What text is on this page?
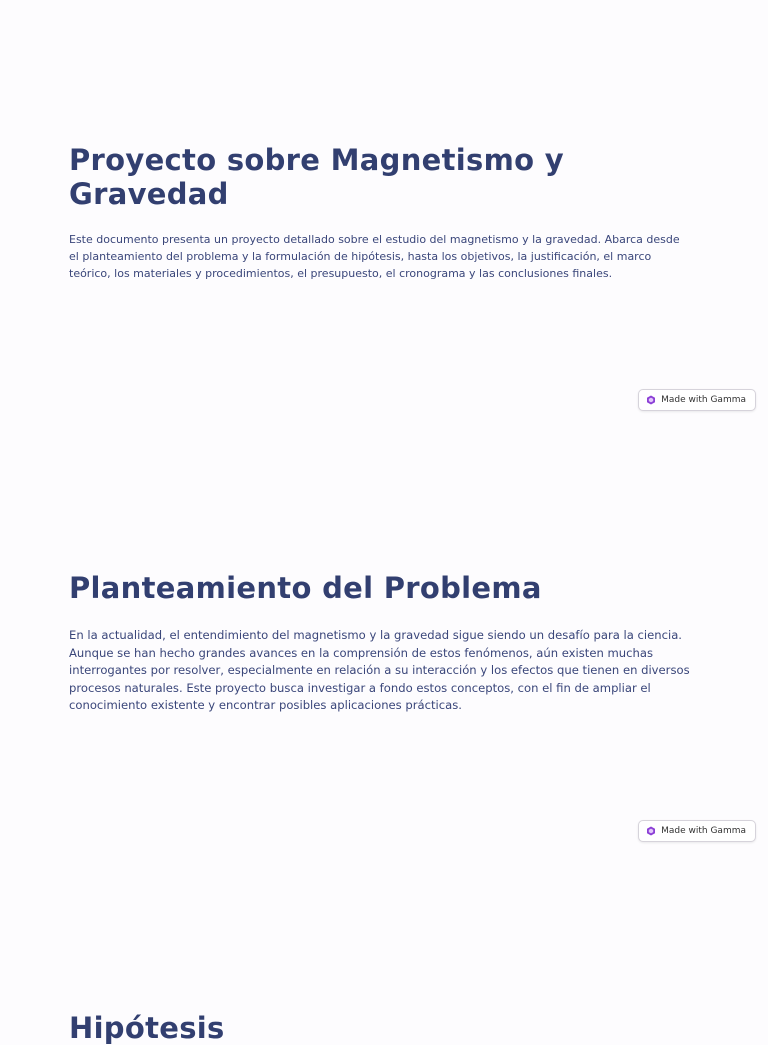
Proyecto sobre Magnetismo y Gravedad

Este documento presenta un proyecto detallado sobre el estudio del magnetismo y la gravedad. Abarca desde el planteamiento del problema y la formulación de hipótesis, hasta los objetivos, la justificación, el marco teórico, los materiales y procedimientos, el presupuesto, el cronograma y las conclusiones finales.

Made with Gamma
Planteamiento del Problema

En la actualidad, el entendimiento del magnetismo y la gravedad sigue siendo un desafío para la ciencia. Aunque se han hecho grandes avances en la comprensión de estos fenómenos, aún existen muchas interrogantes por resolver, especialmente en relación a su interacción y los efectos que tienen en diversos procesos naturales. Este proyecto busca investigar a fondo estos conceptos, con el fin de ampliar el conocimiento existente y encontrar posibles aplicaciones prácticas.

Made with Gamma
Hipótesis
